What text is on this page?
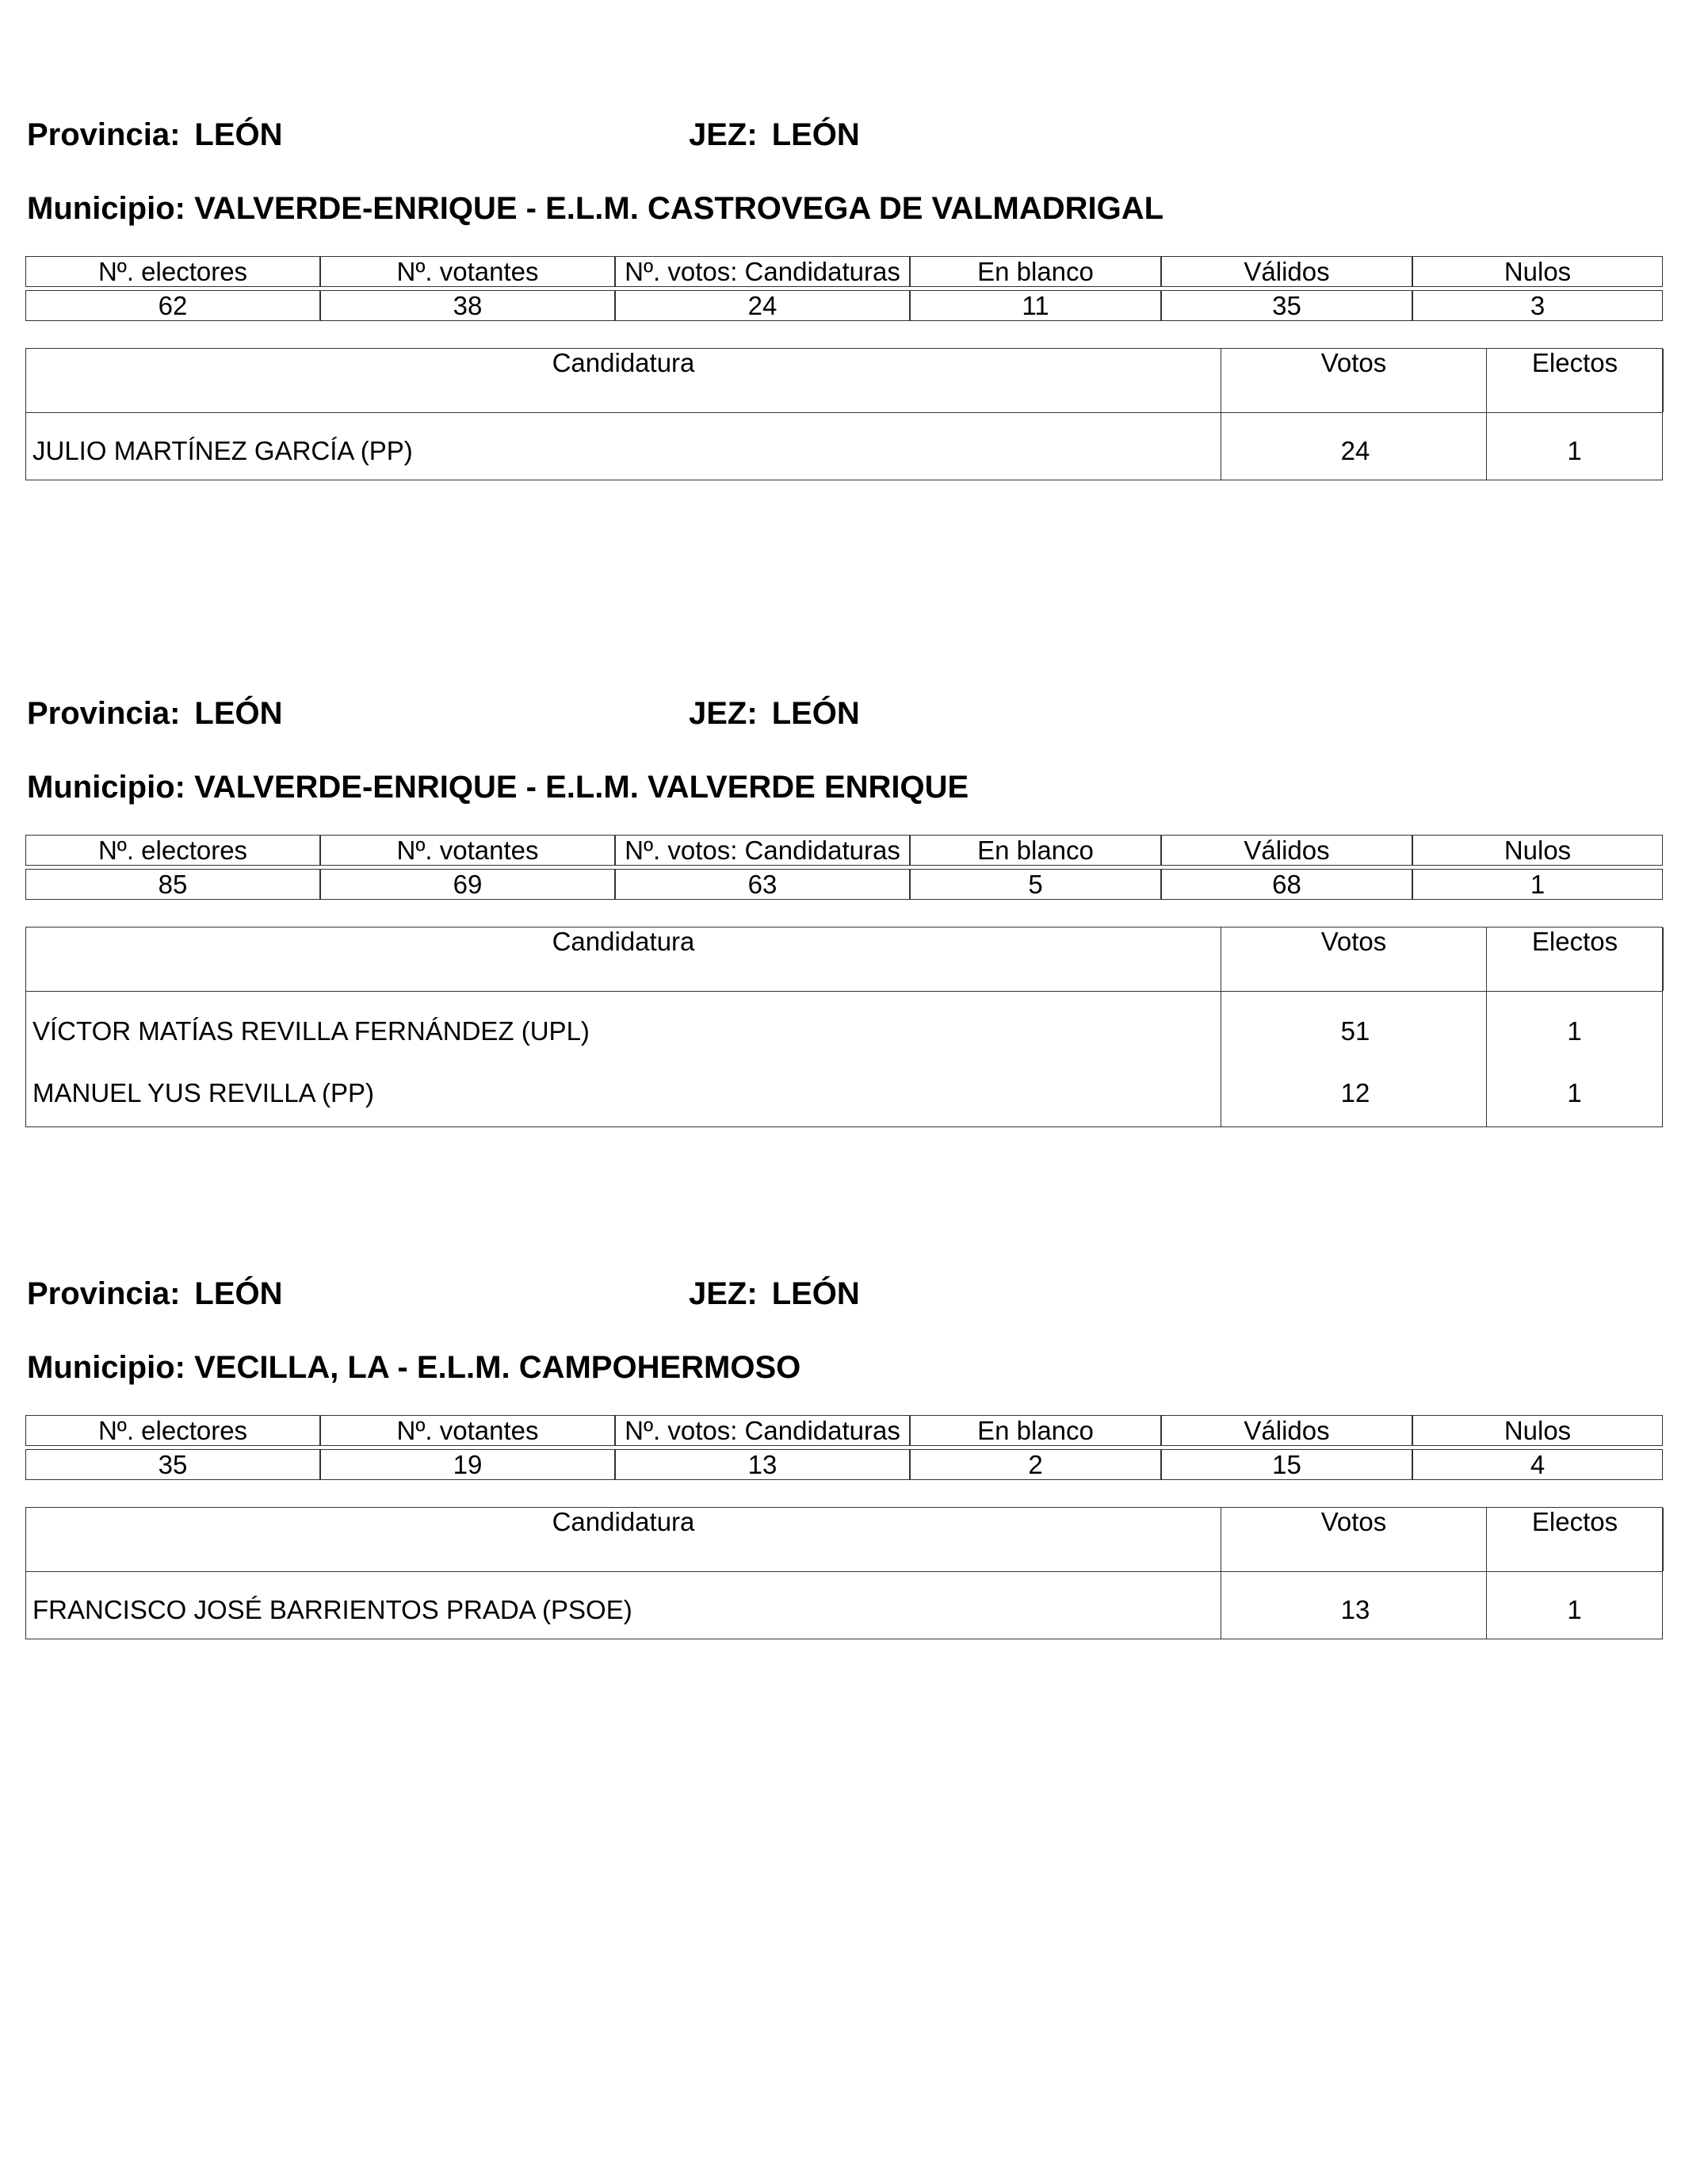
Provincia: LEÓN	JEZ: LEÓN
Municipio: VALVERDE-ENRIQUE - E.L.M. CASTROVEGA DE VALMADRIGAL
Nº. electores	Nº. votantes	Nº. votos: Candidaturas	En blanco	Válidos	Nulos

62	38	24	11	35	3
Candidatura	Votos	Electos
JULIO MARTÍNEZ GARCÍA (PP)	24	1
Provincia: LEÓN	JEZ: LEÓN
Municipio: VALVERDE-ENRIQUE - E.L.M. VALVERDE ENRIQUE
Nº. electores	Nº. votantes	Nº. votos: Candidaturas	En blanco	Válidos	Nulos

85	69	63	5	68	1
Candidatura	Votos	Electos
VÍCTOR MATÍAS REVILLA FERNÁNDEZ (UPL)	51	1
MANUEL YUS REVILLA (PP)	12	1
Provincia: LEÓN	JEZ: LEÓN
Municipio: VECILLA, LA - E.L.M. CAMPOHERMOSO
Nº. electores	Nº. votantes	Nº. votos: Candidaturas	En blanco	Válidos	Nulos

35	19	13	2	15	4
Candidatura	Votos	Electos
FRANCISCO JOSÉ BARRIENTOS PRADA (PSOE)	13	1
